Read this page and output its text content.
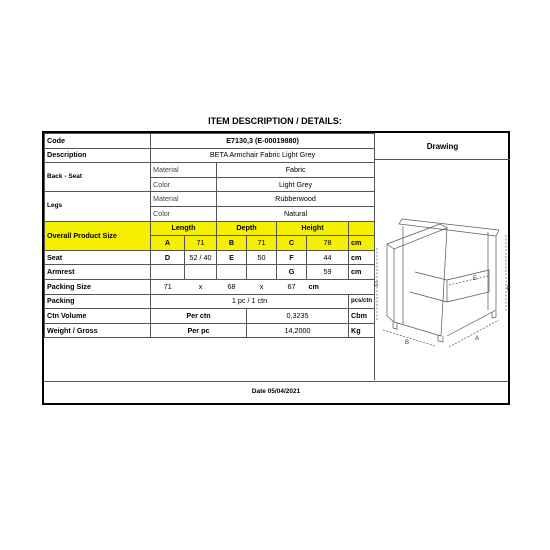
ITEM DESCRIPTION / DETAILS:
Code	E7130,3 (E-00019880)							
Description	BETA Armchair Fabric Light Grey							
Back - Seat	Material		Fabric					
	Color		Light Grey					
Legs	Material		Rubberwood					
	Color		Natural					
Overall Product Size	Length		Depth		Height			
	A	71	B	71	C	78		cm
Seat	D	52 / 40	E	50	F	44		cm
Armrest					G	59		cm
Packing Size	71	x	68	x	67	cm		
Packing	1 pc / 1 ctn							pcs/ctn
Ctn Volume	Per ctn			0,3235				Cbm
Weight / Gross	Per pc			14,2000				Kg
Drawing
A
B
C
E
F
Date 05/04/2021
